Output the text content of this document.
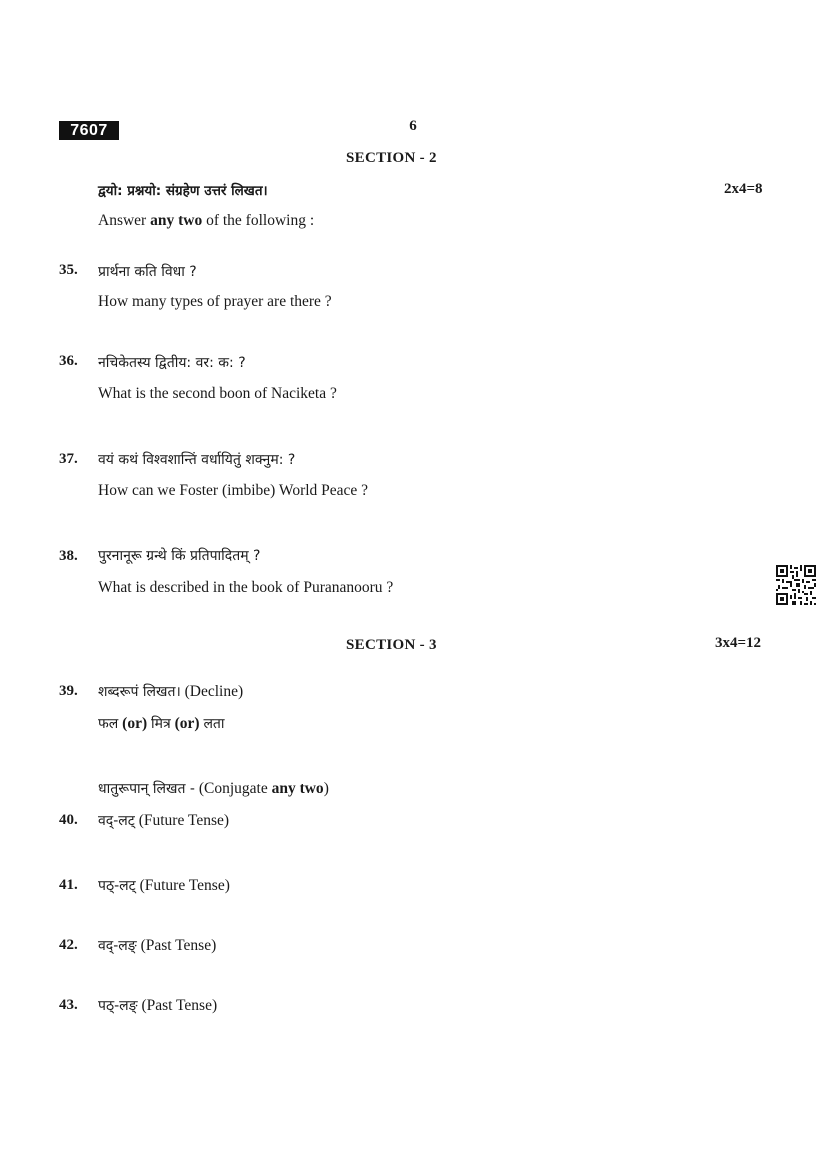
7607	6
SECTION - 2
द्वयो: प्रश्नयो: संग्रहेण उत्तरं लिखत।	2x4=8
Answer any two of the following :
35. प्रार्थना कति विधा ?
How many types of prayer are there ?
36. नचिकेतस्य द्वितीय: वर: क: ?
What is the second boon of Naciketa ?
37. वयं कथं विश्वशान्तिं वर्धायितुं शक्नुम: ?
How can we Foster (imbibe) World Peace ?
38. पुरनानूरू ग्रन्थे किं प्रतिपादितम् ?
What is described in the book of Purananooru ?
SECTION - 3	3x4=12
39. शब्दरूपं लिखत। (Decline)
फल (or) मित्र (or) लता
धातुरूपान् लिखत - (Conjugate any two)
40. वद्-लट् (Future Tense)
41. पठ्-लट् (Future Tense)
42. वद्-लङ् (Past Tense)
43. पठ्-लङ् (Past Tense)
